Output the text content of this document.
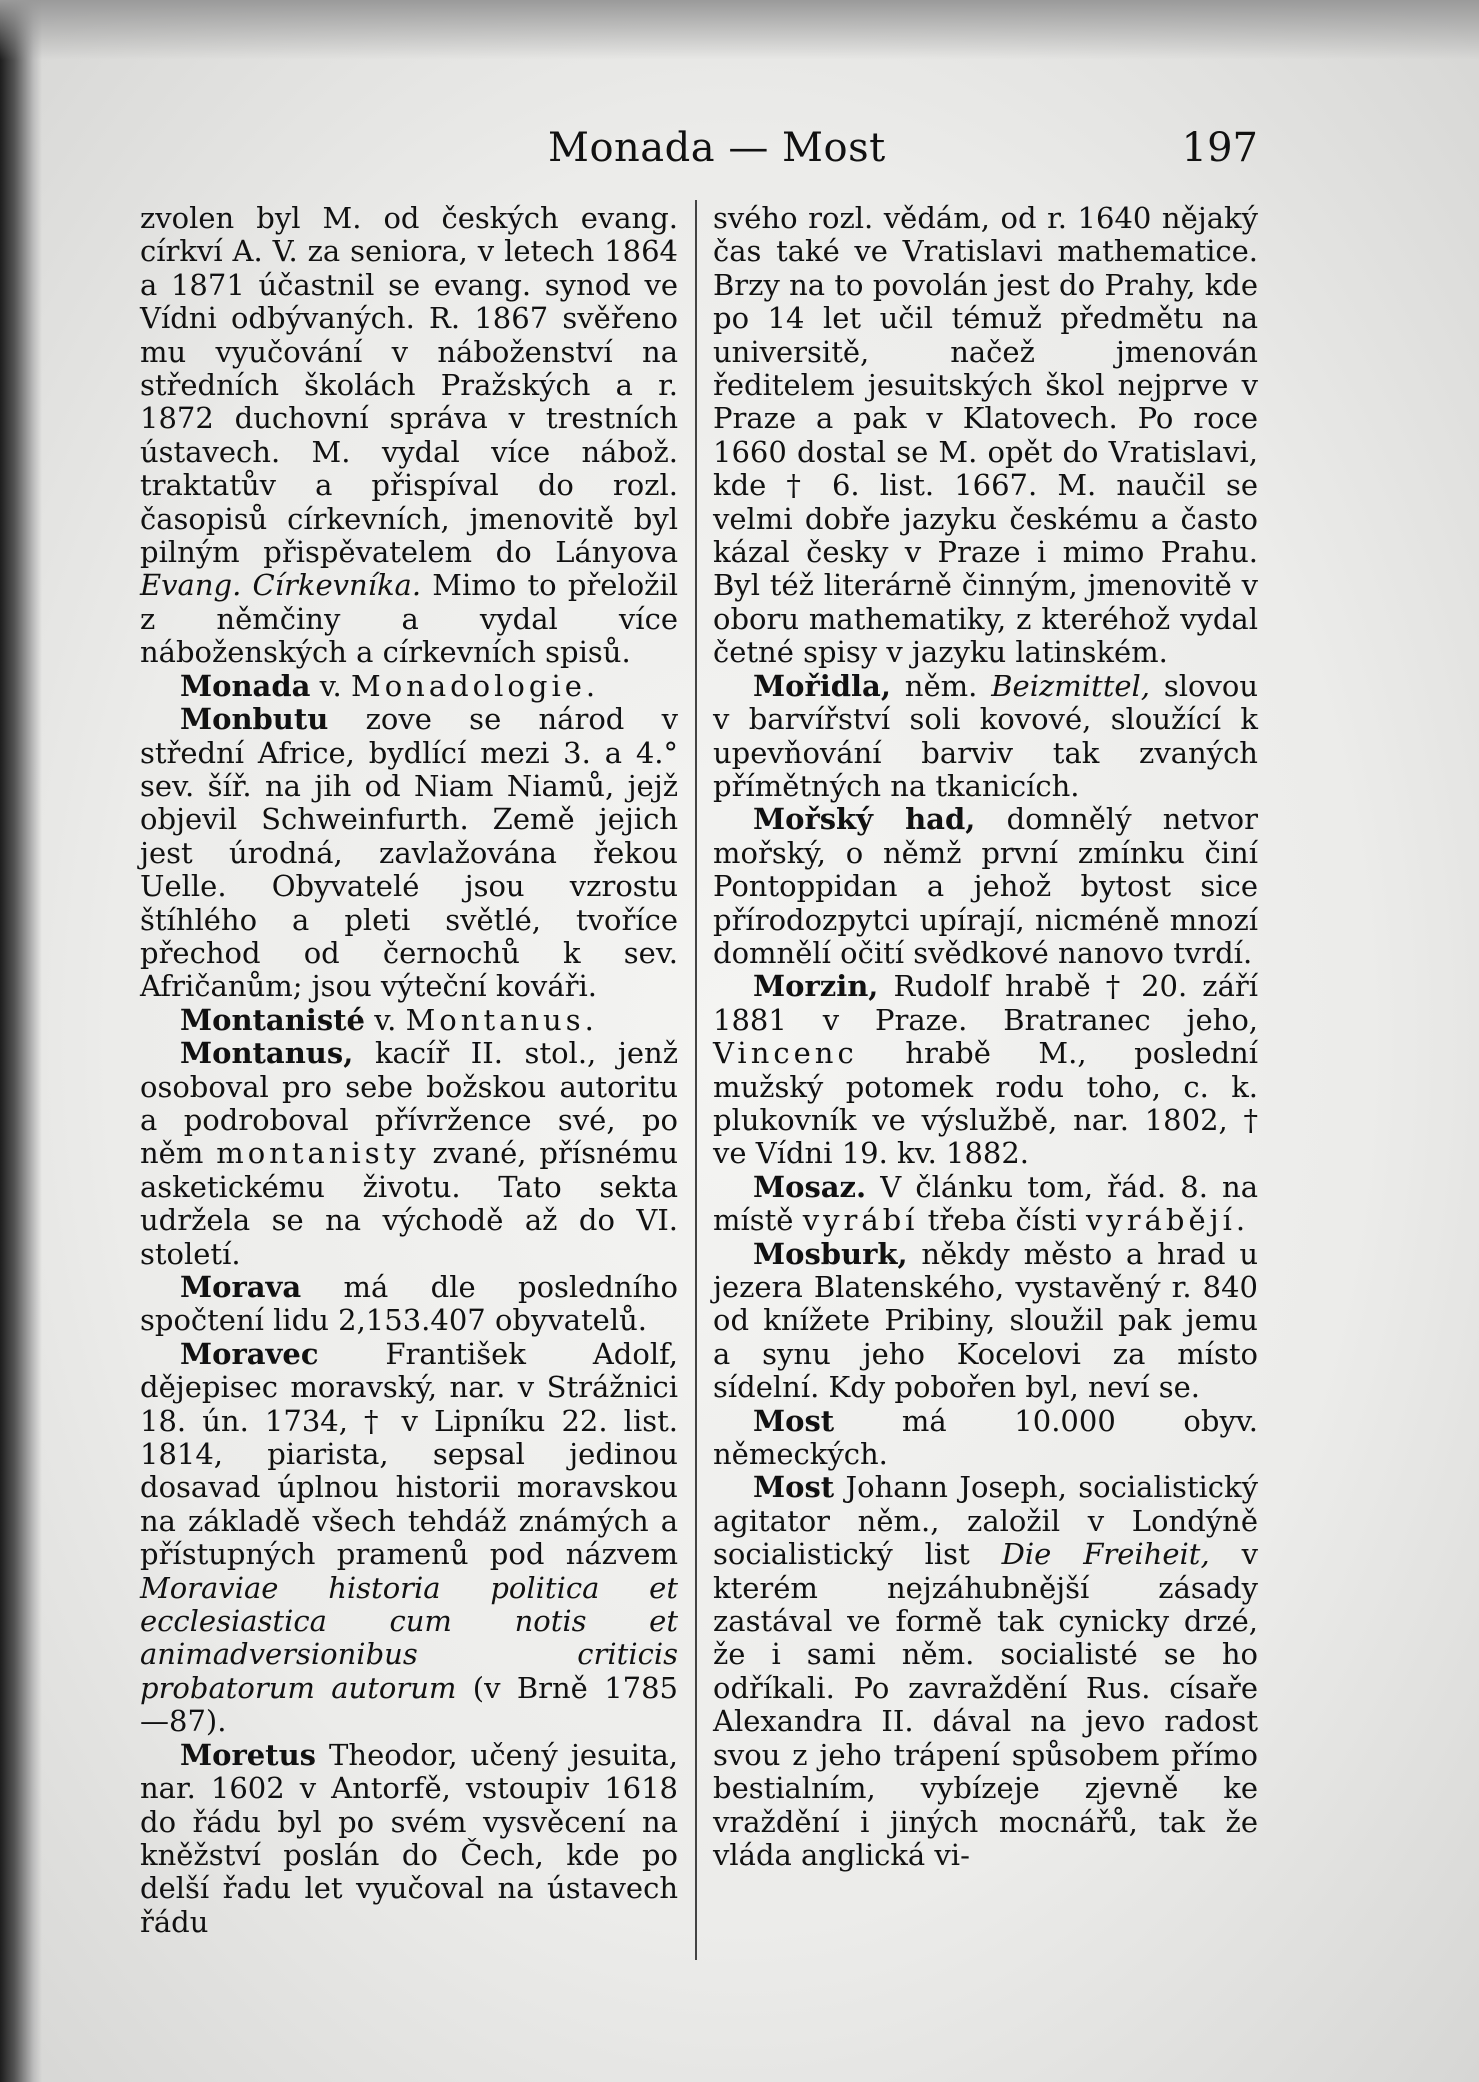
Monada — Most	197

zvolen byl M. od českých evang. církví A. V. za seniora, v letech 1864 a 1871 účastnil se evang. synod ve Vídni odbývaných. R. 1867 svěřeno mu vyučování v náboženství na středních školách Pražských a r. 1872 duchovní správa v trestních ústavech. M. vydal více nábož. traktatův a přispíval do rozl. časopisů církevních, jmenovitě byl pilným přispěvatelem do Lányova Evang. Církevníka. Mimo to přeložil z němčiny a vydal více náboženských a církevních spisů.

Monada v. Monadologie.

Monbutu zove se národ v střední Africe, bydlící mezi 3. a 4.° sev. šíř. na jih od Niam Niamů, jejž objevil Schweinfurth. Země jejich jest úrodná, zavlažována řekou Uelle. Obyvatelé jsou vzrostu štíhlého a pleti světlé, tvoříce přechod od černochů k sev. Afričanům; jsou výteční kováři.

Montanisté v. Montanus.

Montanus, kacíř II. stol., jenž osoboval pro sebe božskou autoritu a podroboval přívržence své, po něm montanisty zvané, přísnému asketickému životu. Tato sekta udržela se na východě až do VI. století.

Morava má dle posledního spočtení lidu 2,153.407 obyvatelů.

Moravec František Adolf, dějepisec moravský, nar. v Strážnici 18. ún. 1734, † v Lipníku 22. list. 1814, piarista, sepsal jedinou dosavad úplnou historii moravskou na základě všech tehdáž známých a přístupných pramenů pod názvem Moraviae historia politica et ecclesiastica cum notis et animadversionibus criticis probatorum autorum (v Brně 1785—87).

Moretus Theodor, učený jesuita, nar. 1602 v Antorfě, vstoupiv 1618 do řádu byl po svém vysvěcení na kněžství poslán do Čech, kde po delší řadu let vyučoval na ústavech řádu

svého rozl. vědám, od r. 1640 nějaký čas také ve Vratislavi mathematice. Brzy na to povolán jest do Prahy, kde po 14 let učil témuž předmětu na universitě, načež jmenován ředitelem jesuitských škol nejprve v Praze a pak v Klatovech. Po roce 1660 dostal se M. opět do Vratislavi, kde † 6. list. 1667. M. naučil se velmi dobře jazyku českému a často kázal česky v Praze i mimo Prahu. Byl též literárně činným, jmenovitě v oboru mathematiky, z kteréhož vydal četné spisy v jazyku latinském.

Mořidla, něm. Beizmittel, slovou v barvířství soli kovové, sloužící k upevňování barviv tak zvaných přímětných na tkanicích.

Mořský had, domnělý netvor mořský, o němž první zmínku činí Pontoppidan a jehož bytost sice přírodozpytci upírají, nicméně mnozí domnělí očití svědkové nanovo tvrdí.

Morzin, Rudolf hrabě † 20. září 1881 v Praze. Bratranec jeho, Vincenc hrabě M., poslední mužský potomek rodu toho, c. k. plukovník ve výslužbě, nar. 1802, † ve Vídni 19. kv. 1882.

Mosaz. V článku tom, řád. 8. na místě vyrábí třeba čísti vyrábějí.

Mosburk, někdy město a hrad u jezera Blatenského, vystavěný r. 840 od knížete Pribiny, sloužil pak jemu a synu jeho Kocelovi za místo sídelní. Kdy pobořen byl, neví se.

Most má 10.000 obyv. německých.

Most Johann Joseph, socialistický agitator něm., založil v Londýně socialistický list Die Freiheit, v kterém nejzáhubnější zásady zastával ve formě tak cynicky drzé, že i sami něm. socialisté se ho odříkali. Po zavraždění Rus. císaře Alexandra II. dával na jevo radost svou z jeho trápení spůsobem přímo bestialním, vybízeje zjevně ke vraždění i jiných mocnářů, tak že vláda anglická vi-
